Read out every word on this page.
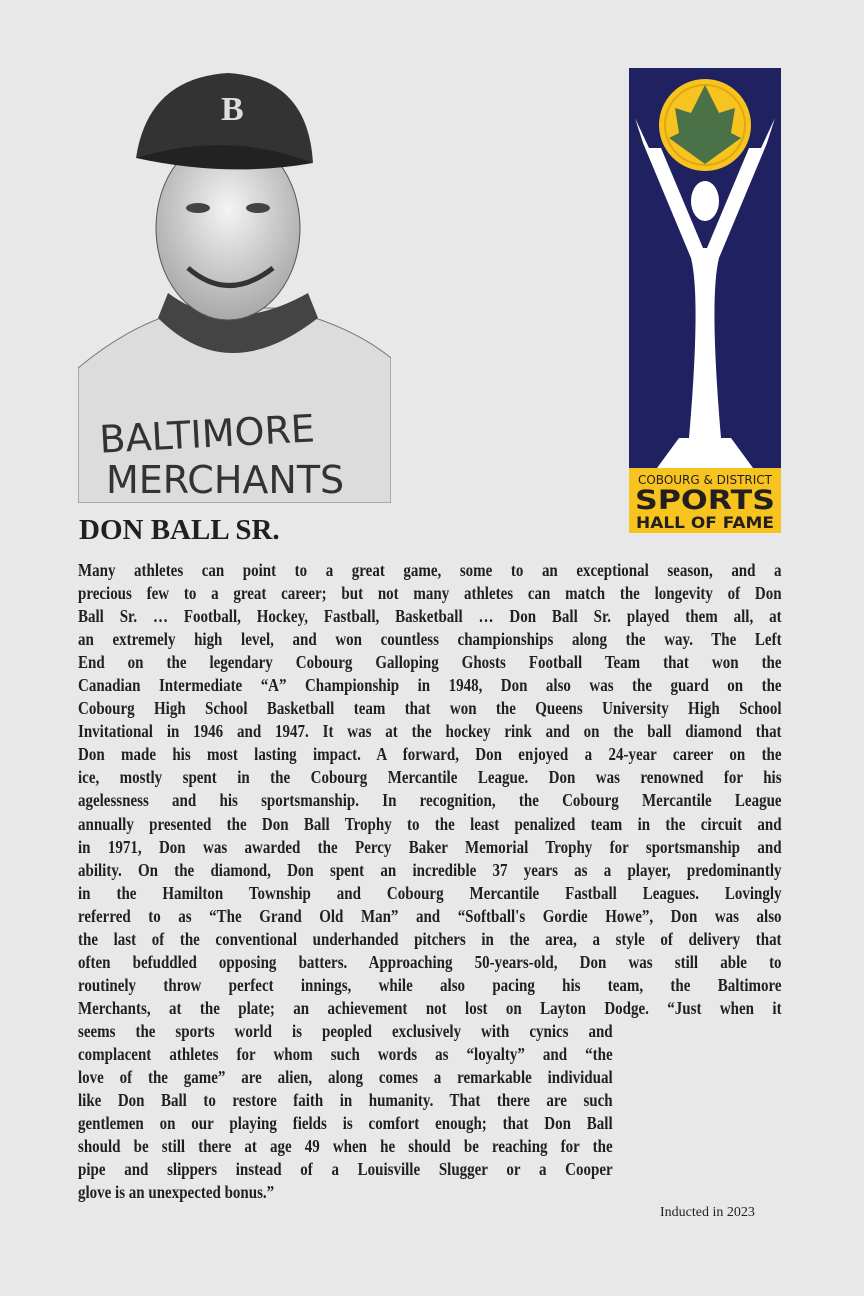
B
BALTIMORE
MERCHANTS	COBOURG & DISTRICT
SPORTS
HALL OF FAME
DON BALL SR.
Many athletes can point to a great game, some to an exceptional season, and a
precious few to a great career; but not many athletes can match the longevity of Don
Ball Sr. … Football, Hockey, Fastball, Basketball … Don Ball Sr. played them all, at
an extremely high level, and won countless championships along the way. The Left
End on the legendary Cobourg Galloping Ghosts Football Team that won the
Canadian Intermediate “A” Championship in 1948, Don also was the guard on the
Cobourg High School Basketball team that won the Queens University High School
Invitational in 1946 and 1947. It was at the hockey rink and on the ball diamond that
Don made his most lasting impact. A forward, Don enjoyed a 24-year career on the
ice, mostly spent in the Cobourg Mercantile League. Don was renowned for his
agelessness and his sportsmanship. In recognition, the Cobourg Mercantile League
annually presented the Don Ball Trophy to the least penalized team in the circuit and
in 1971, Don was awarded the Percy Baker Memorial Trophy for sportsmanship and
ability. On the diamond, Don spent an incredible 37 years as a player, predominantly
in the Hamilton Township and Cobourg Mercantile Fastball Leagues. Lovingly
referred to as “The Grand Old Man” and “Softball's Gordie Howe”, Don was also
the last of the conventional underhanded pitchers in the area, a style of delivery that
often befuddled opposing batters. Approaching 50-years-old, Don was still able to
routinely throw perfect innings, while also pacing his team, the Baltimore
Merchants, at the plate; an achievement not lost on Layton Dodge. “Just when it
seems the sports world is peopled exclusively with cynics and
complacent athletes for whom such words as “loyalty” and “the
love of the game” are alien, along comes a remarkable individual
like Don Ball to restore faith in humanity. That there are such
gentlemen on our playing fields is comfort enough; that Don Ball
should be still there at age 49 when he should be reaching for the
pipe and slippers instead of a Louisville Slugger or a Cooper
glove is an unexpected bonus.”
Inducted in 2023
